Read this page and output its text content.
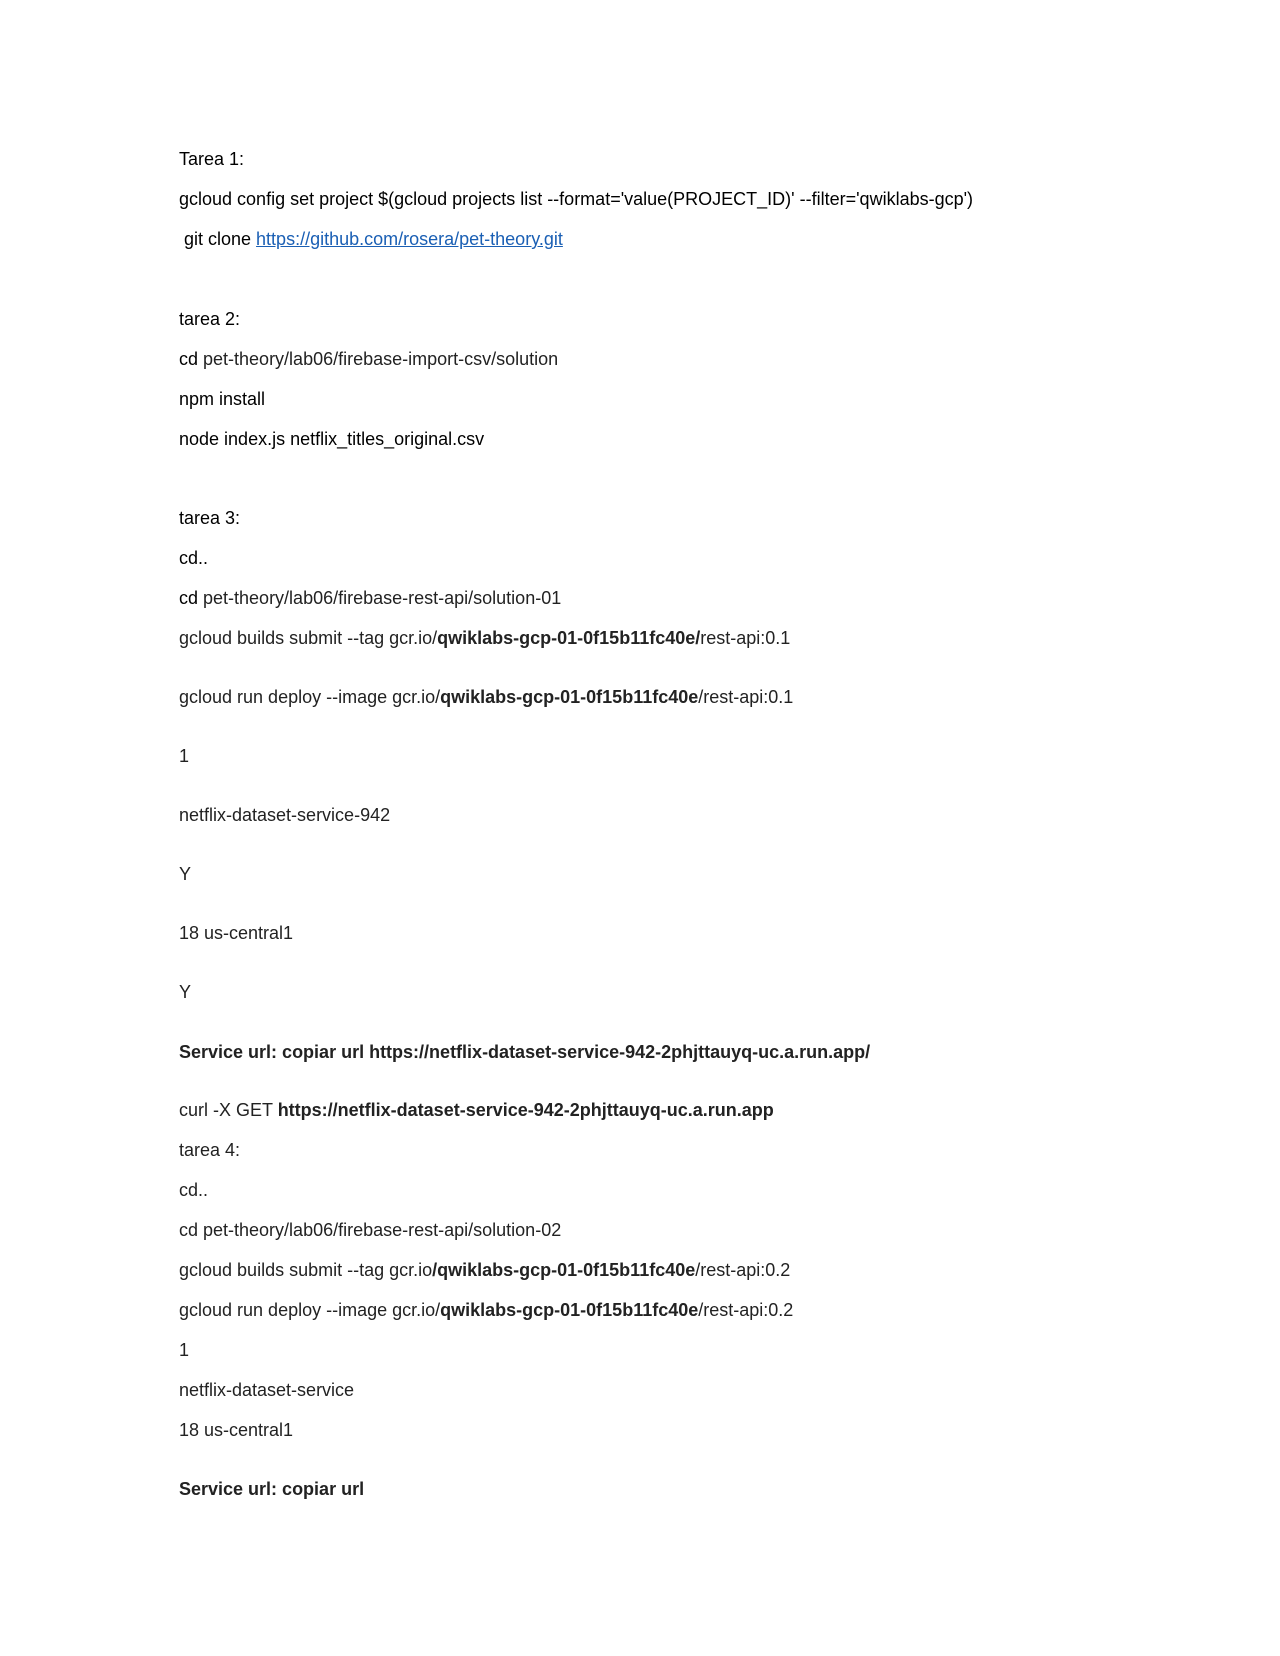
Tarea 1:
gcloud config set project $(gcloud projects list --format='value(PROJECT_ID)' --filter='qwiklabs-gcp')
git clone https://github.com/rosera/pet-theory.git
tarea 2:
cd pet-theory/lab06/firebase-import-csv/solution
npm install
node index.js netflix_titles_original.csv
tarea 3:
cd..
cd pet-theory/lab06/firebase-rest-api/solution-01
gcloud builds submit --tag gcr.io/qwiklabs-gcp-01-0f15b11fc40e/rest-api:0.1
gcloud run deploy --image gcr.io/qwiklabs-gcp-01-0f15b11fc40e/rest-api:0.1
1
netflix-dataset-service-942
Y
18 us-central1
Y
Service url: copiar url https://netflix-dataset-service-942-2phjttauyq-uc.a.run.app/
curl -X GET https://netflix-dataset-service-942-2phjttauyq-uc.a.run.app
tarea 4:
cd..
cd pet-theory/lab06/firebase-rest-api/solution-02
gcloud builds submit --tag gcr.io/qwiklabs-gcp-01-0f15b11fc40e/rest-api:0.2
gcloud run deploy --image gcr.io/qwiklabs-gcp-01-0f15b11fc40e/rest-api:0.2
1
netflix-dataset-service
18 us-central1
Service url: copiar url
